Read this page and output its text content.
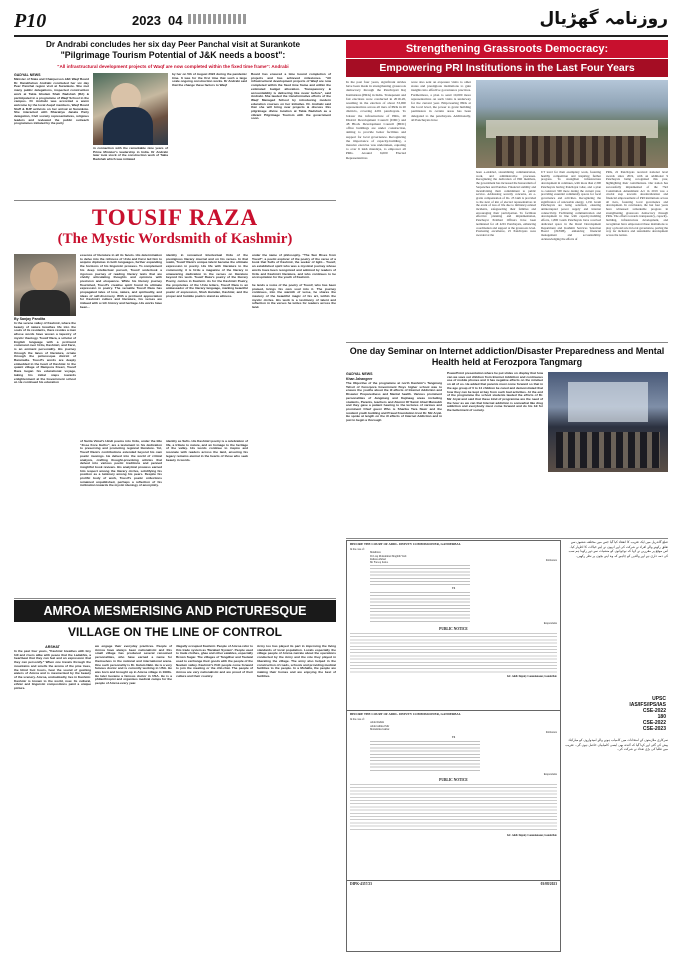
P10	04
2023	روزنامہ گھڑیال
Dr Andrabi concludes her six day Peer Panchal visit at Surankote
"Pilgrimage Tourism Potential of J&K needs a boost":
"All infrastructural development projects of Waqf are now completed within the fixed time frame": Andrabi
GADYAL NEWS
Minister of State and Chairperson J&K Waqf Board Dr. Darakhshan Andrabi concluded her six day Peer Panchal region visit at Surankote. She met many public delegations, inspected construction work at Takia Ghulam Shah Badshah (RA) & participated in a programme of Waqf School in the campus. Dr Andrabi was accorded a warm welcome by the local Auqaf members, Waqf Board Staff & BJP activists on her arrival at Surankote. She interacted with Bharatiya Janata Party delegation, Civil society representatives, religious leaders and reviewed the public outreach programmes initiated by the party
in connection with the remarkable nine years of Prime Minister's leadership in India. Dr Andrabi later took stock of the construction work of Takia Badshah which was initiated
by her on 5th of August 2022 during the pandemic time. It was for the first time that such a large scale ongoing construction works. Dr Andrabi said that the change these factors to Waqf
Board has ensured a time bound completion of projects and has achieved milestones. "All infrastructural development projects of Waqf are now completed within the fixed time frame and within the estimated budget allocation. Transparency & accountability is delivering like never before", said Andrabi. She lauded the transformative efforts of the Waqf Managed School by introducing modern education courses on her initiative. Dr. Andrabi said that she will bring new projects & discuss this pilgrimage divine location at Takia Badshah as a vibrant Pilgrimage Tourism with the government soon.
Strengthening Grassroots Democracy:
Empowering PRI Institutions in the Last Four Years
In the past four years, significant strides have been made in strengthening grassroots democracy through the Panchayati Raj Institutions (PRIs) in India. Transparent and fair elections were conducted in 2019-20, resulting in the election of about 33,000 representatives across all tiers of PRIs in 20 districts, covering 4291 panchayats. To bolster the infrastructure of PRIs, 20 District Development Council (DDC) and 48 Block Development Council (BDC) office buildings are under construction, aiming to provide better facilities and support for local governance. Recognizing the importance of capacity-building, a massive exercise was undertaken, equating to over 6 lakh mandays, to empower all PRIs. Around 6,000 Elected Representatives
were also sent on exposure visits to other states and prestigious institutions to gain insights into effective governance practices. Furthermore, a plan to send 10,000 more representatives on such visits is underway for the current year. Empowering PRIs at the local level, the power to grant building permission in certain areas has been delegated to the panchayats. Additionally, all Panchayats have
been e-enabled, streamlining communication, work, and administrative processes. Recognizing the dedication of PRI members, the government has increased the honorarium of Sarpanches and Panches. Financial stability and incentivizing their commitment to public service. Addressing security concerns, an e-gratia compensation of Rs. 25 lakh is provided to the next of kin of elected representatives in the event of loss of life due to militancy-related incidents, safeguarding their families and encouraging their participation. To facilitate effective planning and implementation, Panchayat Prabhari Officers have been nominated for all 4291 Panchayats, enhancing coordination and support at the grassroots level. Promoting excellence, 25 Panchayats were awarded at the
UT level for their exemplary work, fostering healthy competition and inspiring further progress. To strengthen infrastructure development in continues, with more than 2,300 Panchayats having Panchayat Ghar, and a plan to construct 500 more during the current year, providing essential community spaces for local governance and activities. Recognizing the significance of renewable energy, 1,191 Gram Panchayats are being solarized, ensuring uninterrupted power supply and internet connectivity. Facilitating communication and development in line with capacity-building efforts, 1,800 Gram Panchayats have received dedicated space in the Rural Development Department and Kashmir Services Selection Board (JKSSB), enhancing financial management and accountability. Acknowledging the efforts of
PRIs, 22 Panchayats received national level awards since 2019, with an additional 9 Panchayats being recognized this year, highlighting their contributions. Our nation has successfully implemented of the 73rd Constitution Amendment Act in 2019 was a crucial step towards decentralization and financial empowerment of PRI institutions across all tiers, fostering local governance and development. In conclusion, the last four years have witnessed remarkable progress in strengthening grassroots democracy through PRIs. The efforts towards transparency, capacity-building, infrastructure development, and recognition have empowered these institutions to play a pivotal role in local governance, paving the way for inclusive and sustainable development across the nation.
TOUSIF RAZA
(The Mystic Wordsmith of Kashmir)
By Sanjay Pandita
In the serene valley of Kashmir, where the beauty of nature breathes life into the souls of its residents, there resides a man whose words have woven a tapestry of mystic theology. Tousif Raza, a scholar of English language with a profound command over Urdu, Kashmiri, and Farsi, is an eminent personality. His journey through the lanes of literature, ornate through the picturesque district of Baramulla. Tousif's words are deeply embedded in the heart of Kashmir. In the quaint village of Rampora Kreeri, Tousif Raza began his educational voyage, taking his initial steps towards enlightenment at the Government school at. He continued his education
essence of literature in all its facets. His determination to delve into the richness of Urdu and Farsi led him to acquire diplomas in both languages, further expanding the horizons of his linguistic prowess. To complement his deep intellectual pursuit, Tousif undertook a rigorous journey of reading literary texts that are vividly articulating thoughts and opinions with precision and eloquence. While his literary journey flourished, Tousif's creative spirit found its ultimate expression in poetry. The versatile Tousif Raza has propagated tales of love, nature, and spirituality, and ideas of self-discovery. With a profound appreciation for Kashmiri culture and literature, his verses are imbued with a rich history and heritage. His works have been...
of Sarita Vimal's Hindi poems into Urdu, under the title "Jisse Kore Gutho", are a testament to his dedication to preserving and promoting regional literature. Yet, Tousif Raza's contributions extended beyond his own poetic musings. He delved into the world of critical analysis, crafting thought-provoking articles that delved into various poetic traditions and penned insightful book reviews. His analytical prowess earned him respect among the literary circles, solidifying his position as a luminary among his peers. Despite his prolific body of work, Tousif's poetic collections remained unpublished, perhaps a reflection of his inclination towards the mystic ideology of anonymity.
identity in renowned Intertextual Urdu of the prestigious literary Journal and on his verses. In that realm, Tousif Raza's unique talent became the ultimate expression in poetry. His life with literature to the community, it is Urdu a magazine of the literary in unwavering dedication to the verses on literature beyond his work. Tousif Raza's poetry of the literary Poetry, carries in Kashmir. As for the Kashmiri Poetry, the proprieties of the Urdu letters, Tousif Raza is an ambassador of the literary language, marking beautiful poetic of expression, Shah Hamdan, Kashmir, and the proper and humble poetics stand as witness.
identity as Sufis. His Kashmiri poetry is a celebration of life, a tribute to nature, and an homage to the heritage of the valley. His words continue to inspire and resonate with readers across the land, ensuring his legacy remains eternal in the hearts of those who seek beauty in words.
under the name of philosophy. "The Sun Rises from Tousif", a poetic explorer of the poetry of the verse of a book that Sufis of Kashmir, the seeker of light... Tousif, an established spirit who was a mystical journey whose words have been recognized and admired by readers of Urdu and Kashmiri literature, and who continues to be an inspiration for the youth of Kashmir.
he lends a voice of the poetry of Tousif, who has been praised, brings his own soul into it. The journey continues, into the warmth of verse, he shares the mastery of the beautiful magic of his art, within the mystic circles. His work is a testimony of talent and reflection in the verses he writes for readers across the land.
One day Seminar on Internet addiction/Disaster Preparedness and Mental Health held at Ferozpora Tangmarg
GADYAL NEWS
Khan Jahangeer
The Objective of the programme at north Kashmir's Tangmarg Tehsil of Ferozpora Government Boys higher school was to ensure the youths about the ill effects of Internet Addiction and Disaster Preparedness and Mental health. Various prominent personalities of Jangmarg and Kajinaag areas including students, Parents, teachers and Alumni Of Samir Ahad Mansukh and they gave a patient hearing to the lectures of various and prominent Chief guest Who is Sharika Tara Nasir and the resident youth building and Prasal Foundation trust Dr. Mir Aryal. He spoke at length on the ill effects of Internet Addiction and in just to begin a thorough
PowerPoint presentation where he put slides on display that how can we save out children from Internet Addiction and continuous use of mobile phones and it has negative effects on the mindset on all of us. He added that parents must come forward so that in the age group of 0 to 14 children be cared and demonstrated that how they can be kept at bay from such bad activities. At the end of the programme the school students lauded the efforts of Dr. Mir Aryal and said that these kind of programme are the need of the hour as we can that Internet addiction is somewhat like drug addiction and everybody must come forward and do his bit for the betterment of society.
AMROA MESMERISING AND PICTURESQUE
VILLAGE ON THE LINE OF CONTROL
ARSHAT
In the past four years, "Kashmir breathes with tiny hill and rivers alike with peace that the Ladakhis, a heartbeat that they can feel and an expression that they can personify." When one travels through the mountains and smells the aroma of the pine trees, the blind foot hours, hear the sound of gushing waters of Amroa and is mesmerized by the beauty of the scenery. Amroa, undoubtedly, lies in Kashmir. Kashmir is known to the world, now. Its cultural, ethnic and linguistic compositions paint a unique picture.
we engage their everyday practices. People of Amroa have always been nationalistic and this small village has produced several renowned personalities, who have earned a name for themselves in the national and international arena. One such personality is Dr. Gulam Nabi. He is a very famous doctor and is currently working in USA. He was born and brought up in Amroa village in 1990s. He later became a famous doctor in USA. He is a philanthropist and organizes medical camps for the people of Amroa every year.
illegally occupied Kashmir. People of Amroa refer to this trade system as 'Barabari System'. People used to trade clothes, ghee and other eatables, especially Brown Sugar. The villages of Tangdhar and Teetwal used to exchange their goods with the people of the Neelum valley. Kashmir's PoK people come forward to join the meeting or the chit-chat. The people of Amroa are very nationalistic and are proud of their culture and their country.
Army too has played its part in improving the living standards of local population. Locals especially the village people of Amroa narrate about the operations conducted by the Army and the role they played in liberating the village. The army also helped in the construction of roads, schools and providing medical facilities to the people. In a Mohalla, the people are making their homes and are enjoying the best of facilities.
BEFORE THE COURT OF ADDL. DEPUTY COMMISSIONER, GANDERBAL
In the case of :
Mukhtiara
Dr Liaq Mohammad Maghrib Wali
Rehana Ahmad
Mr Farooq Kaloo
Petitioners
VS
Respondents
PUBLIC NOTICE
Sd/- Addl. Deputy Commissioner, Ganderbal.
BEFORE THE COURT OF ADDL. DEPUTY COMMISSIONER, GANDERBAL
In the case of :
Abdul Rahim
Abdul Ahmad Mir
Mohammad Akbar
Petitioners
VS
Respondents
PUBLIC NOTICE
Sd/- Addl. Deputy Commissioner, Ganderbal.
DIPK-4357/23	03/08/2023
ضلع گاندربل میں ایک تقریب کا انعقاد کیا گیا جس میں مختلف شعبوں سے تعلق رکھنے والے افراد نے شرکت کی اور انہوں نے اپنے خیالات کا اظہار کیا۔ اس موقع پر مقررین نے کہا کہ نوجوانوں کو منشیات سے دور رکھنا ہم سب کی ذمہ داری ہے اور والدین کو چاہیے کہ وہ اپنے بچوں پر نظر رکھیں۔
UPSC
IAS/IFS/IPS/IAS
CSE-2022
180
CSE-2022
CSE-2023
سرکاری ملازمتوں کے امتحانات میں کامیاب ہونے والے امیدواروں کو مبارکباد پیش کی گئی اور کہا گیا کہ آئندہ بھی ایسی کامیابیاں حاصل ہوں گی۔ تقریب میں طلبا کی بڑی تعداد نے شرکت کی۔
